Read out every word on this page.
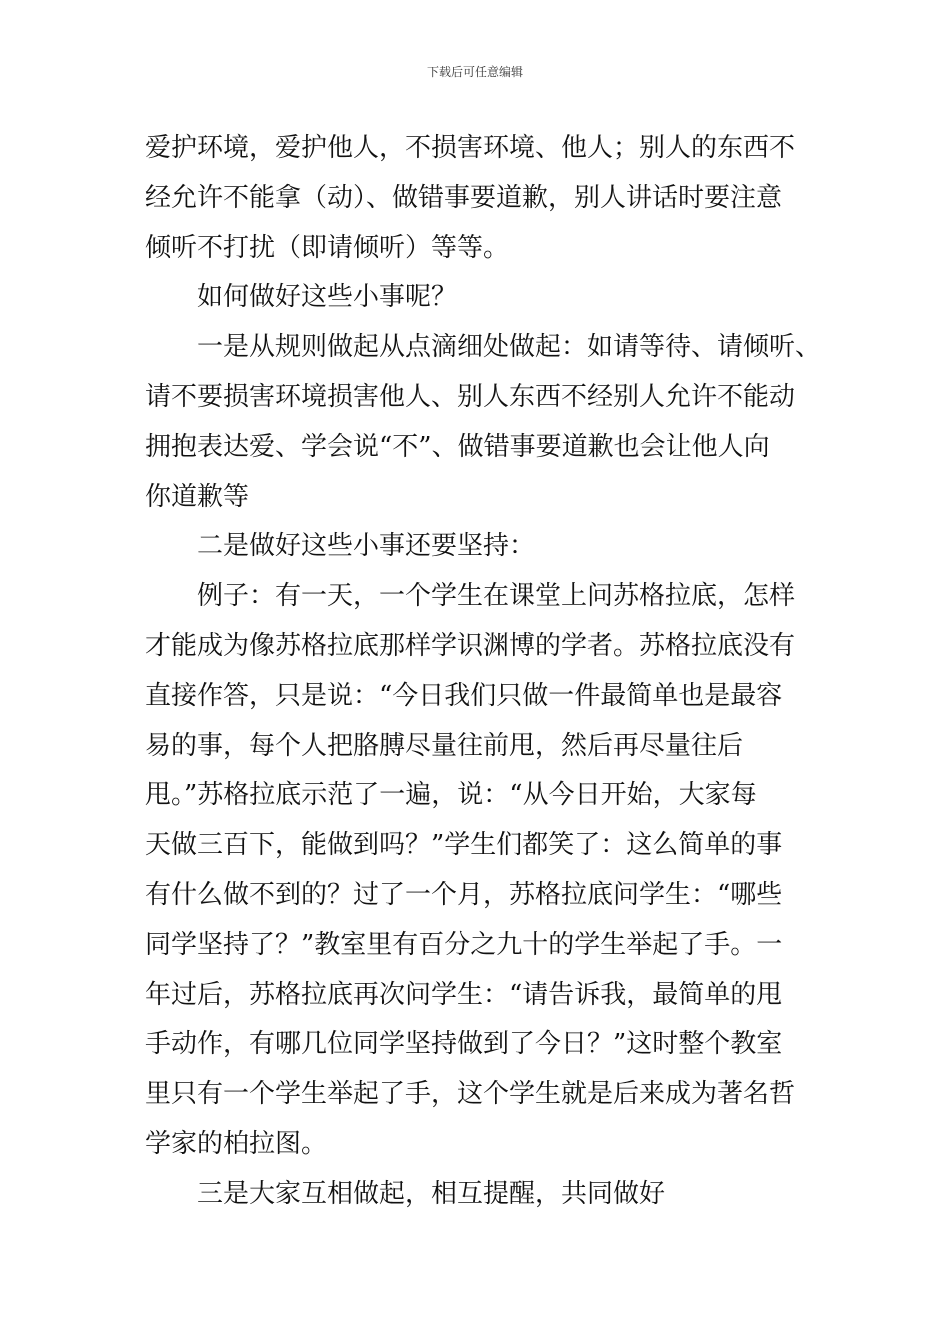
下载后可任意编辑
爱护环境，爱护他人，不损害环境、他人；别人的东西不
经允许不能拿（动）、做错事要道歉，别人讲话时要注意
倾听不打扰（即请倾听）等等。
如何做好这些小事呢？
一是从规则做起从点滴细处做起：如请等待、请倾听、
请不要损害环境损害他人、别人东西不经别人允许不能动
拥抱表达爱、学会说“不”、做错事要道歉也会让他人向
你道歉等
二是做好这些小事还要坚持：
例子：有一天，一个学生在课堂上问苏格拉底，怎样
才能成为像苏格拉底那样学识渊博的学者。苏格拉底没有
直接作答，只是说：“今日我们只做一件最简单也是最容
易的事，每个人把胳膊尽量往前甩，然后再尽量往后
甩。”苏格拉底示范了一遍，说：“从今日开始，大家每
天做三百下，能做到吗？”学生们都笑了：这么简单的事
有什么做不到的？过了一个月，苏格拉底问学生：“哪些
同学坚持了？”教室里有百分之九十的学生举起了手。一
年过后，苏格拉底再次问学生：“请告诉我，最简单的甩
手动作，有哪几位同学坚持做到了今日？”这时整个教室
里只有一个学生举起了手，这个学生就是后来成为著名哲
学家的柏拉图。
三是大家互相做起，相互提醒，共同做好
